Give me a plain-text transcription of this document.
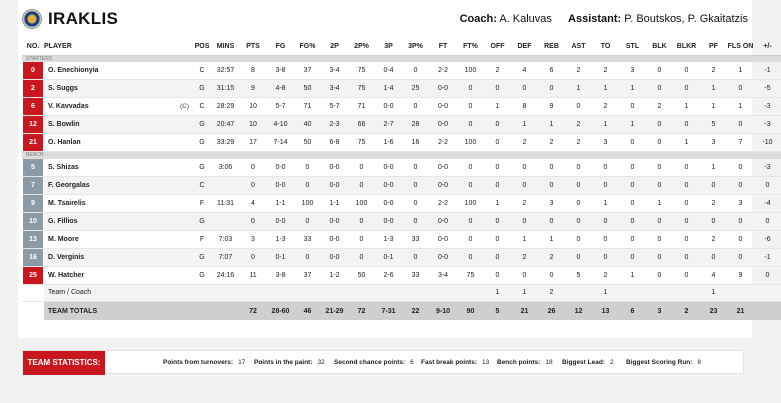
IRAKLIS	Coach: A. Kaluvas Assistant: P. Boutskos, P. Gkaitatzis
NO.	PLAYER		POS	MINS	PTS	FG	FG%	2P	2P%	3P	3P%	FT	FT%	OFF	DEF	REB	AST	TO	STL	BLK	BLKR	PF	FLS ON	+/-
STARTERS																								
0	O. Enechionyia		C	32:57	8	3-8	37	3-4	75	0-4	0	2-2	100	2	4	6	2	2	3	0	0	2	1	-1
2	S. Suggs		G	31:15	9	4-8	50	3-4	75	1-4	25	0-0	0	0	0	0	1	1	1	0	0	1	0	-5
6	V. Kavvadas	(C)	C	28:29	10	5-7	71	5-7	71	0-0	0	0-0	0	1	8	9	0	2	0	2	1	1	1	-3
12	S. Bowlin		G	20:47	10	4-10	40	2-3	66	2-7	28	0-0	0	0	1	1	2	1	1	0	0	5	0	-3
21	O. Hanlan		G	33:29	17	7-14	50	6-8	75	1-6	16	2-2	100	0	2	2	2	3	0	0	1	3	7	-10
BENCH																								
5	S. Shizas		G	3:06	0	0-0	0	0-0	0	0-0	0	0-0	0	0	0	0	0	0	0	0	0	1	0	-3
7	F. Georgalas		C		0	0-0	0	0-0	0	0-0	0	0-0	0	0	0	0	0	0	0	0	0	0	0	0
9	M. Tsairelis		F	11:31	4	1-1	100	1-1	100	0-0	0	2-2	100	1	2	3	0	1	0	1	0	2	3	-4
10	G. Fillios		G		0	0-0	0	0-0	0	0-0	0	0-0	0	0	0	0	0	0	0	0	0	0	0	0
13	M. Moore		F	7:03	3	1-3	33	0-0	0	1-3	33	0-0	0	0	1	1	0	0	0	0	0	2	0	-6
16	D. Verginis		G	7:07	0	0-1	0	0-0	0	0-1	0	0-0	0	0	2	2	0	0	0	0	0	0	0	-1
25	W. Hatcher		G	24:16	11	3-8	37	1-2	50	2-6	33	3-4	75	0	0	0	5	2	1	0	0	4	9	0
	Team / Coach													1	1	2		1				1		
	TEAM TOTALS				72	28-60	46	21-29	72	7-31	22	9-10	90	5	21	26	12	13	6	3	2	23	21	
TEAM STATISTICS:	Points from turnovers: 17 Points in the paint: 32 Second chance points: 6 Fast break points: 13 Bench points: 18 Biggest Lead: 2 Biggest Scoring Run: 8
